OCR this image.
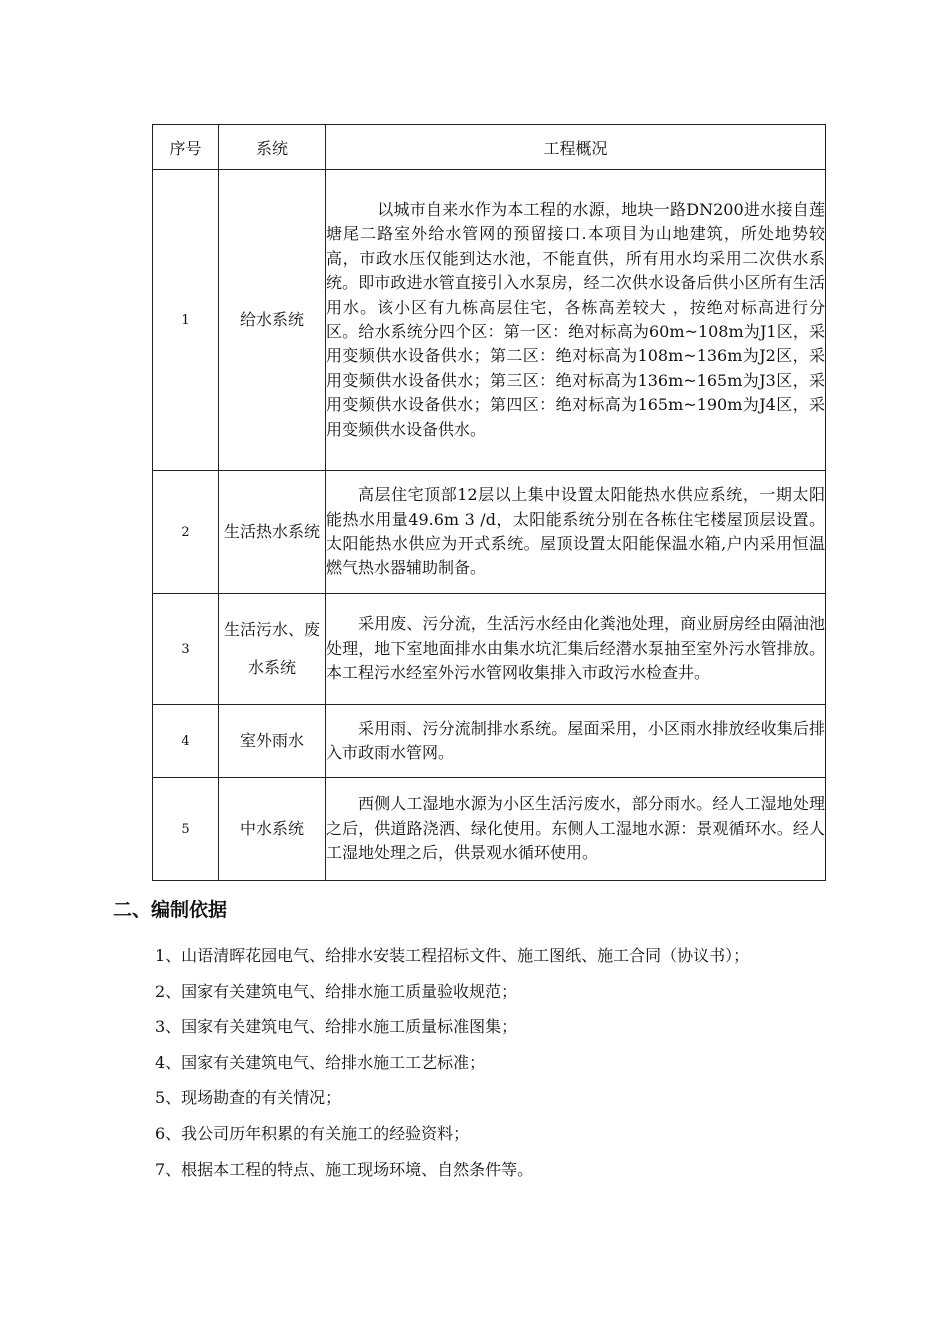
序号	系统	工程概况
1	给水系统	以城市自来水作为本工程的水源，地块一路DN200进水接自莲塘尾二路室外给水管网的预留接口.本项目为山地建筑，所处地势较高，市政水压仅能到达水池，不能直供，所有用水均采用二次供水系统。即市政进水管直接引入水泵房，经二次供水设备后供小区所有生活用水。该小区有九栋高层住宅，各栋高差较大 ，按绝对标高进行分区。给水系统分四个区：第一区：绝对标高为60m~108m为J1区，采用变频供水设备供水；第二区：绝对标高为108m~136m为J2区，采用变频供水设备供水；第三区：绝对标高为136m~165m为J3区，采用变频供水设备供水；第四区：绝对标高为165m~190m为J4区，采用变频供水设备供水。
2	生活热水系统	高层住宅顶部12层以上集中设置太阳能热水供应系统，一期太阳能热水用量49.6m 3 /d，太阳能系统分别在各栋住宅楼屋顶层设置。太阳能热水供应为开式系统。屋顶设置太阳能保温水箱,户内采用恒温燃气热水器辅助制备。
3	生活污水、废水系统	采用废、污分流，生活污水经由化粪池处理，商业厨房经由隔油池处理，地下室地面排水由集水坑汇集后经潜水泵抽至室外污水管排放。本工程污水经室外污水管网收集排入市政污水检查井。
4	室外雨水	采用雨、污分流制排水系统。屋面采用，小区雨水排放经收集后排入市政雨水管网。
5	中水系统	西侧人工湿地水源为小区生活污废水，部分雨水。经人工湿地处理之后，供道路浇洒、绿化使用。东侧人工湿地水源：景观循环水。经人工湿地处理之后，供景观水循环使用。
二、编制依据
1、山语清晖花园电气、给排水安装工程招标文件、施工图纸、施工合同（协议书）；
2、国家有关建筑电气、给排水施工质量验收规范；
3、国家有关建筑电气、给排水施工质量标准图集；
4、国家有关建筑电气、给排水施工工艺标准；
5、现场勘查的有关情况；
6、我公司历年积累的有关施工的经验资料；
7、根据本工程的特点、施工现场环境、自然条件等。
